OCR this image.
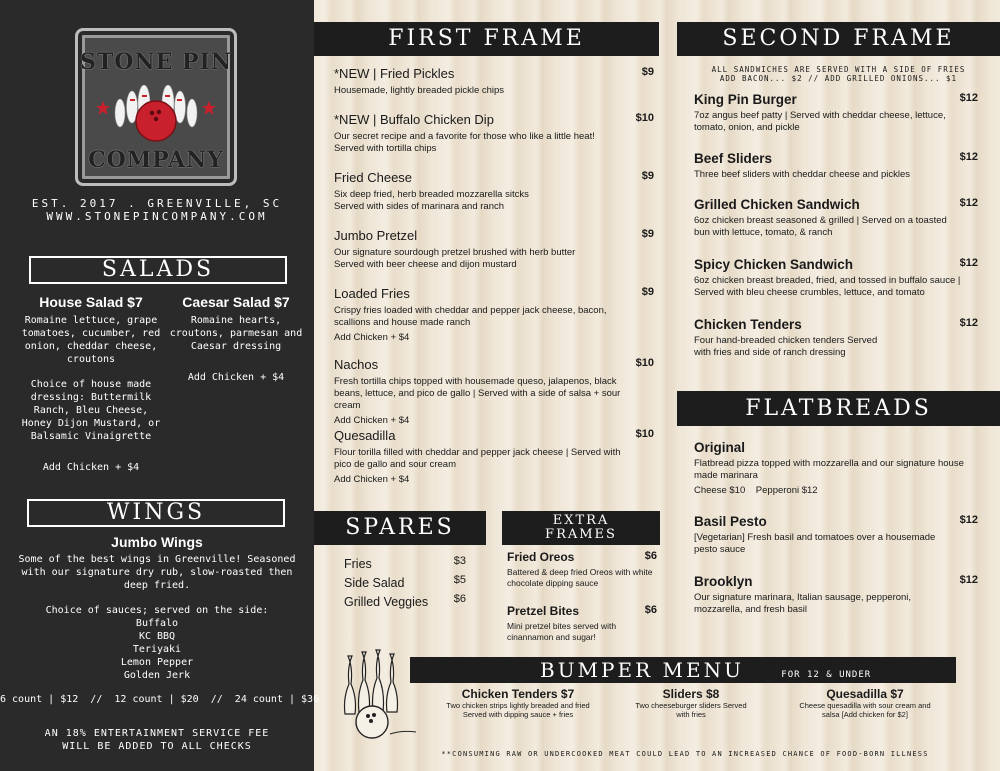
STONE PIN
COMPANY
EST. 2017 . GREENVILLE, SC
WWW.STONEPINCOMPANY.COM
SALADS
House Salad $7
Romaine lettuce, grape tomatoes, cucumber, red onion, cheddar cheese, croutons
Choice of house made dressing: Buttermilk Ranch, Bleu Cheese, Honey Dijon Mustard, or Balsamic Vinaigrette
Add Chicken + $4
Caesar Salad $7
Romaine hearts, croutons, parmesan and Caesar dressing
Add Chicken + $4
WINGS
Jumbo Wings
Some of the best wings in Greenville! Seasoned with our signature dry rub, slow-roasted then deep fried.
Choice of sauces; served on the side:
Buffalo
KC BBQ
Teriyaki
Lemon Pepper
Golden Jerk
6 count | $12  //  12 count | $20  //  24 count | $36
AN 18% ENTERTAINMENT SERVICE FEE WILL BE ADDED TO ALL CHECKS
FIRST FRAME
*NEW | Fried Pickles	$9
Housemade, lightly breaded pickle chips
*NEW | Buffalo Chicken Dip	$10
Our secret recipe and a favorite for those who like a little heat! Served with tortilla chips
Fried Cheese	$9
Six deep fried, herb breaded mozzarella sitcks Served with sides of marinara and ranch
Jumbo Pretzel	$9
Our signature sourdough pretzel brushed with herb butter Served with beer cheese and dijon mustard
Loaded Fries	$9
Crispy fries loaded with cheddar and pepper jack cheese, bacon, scallions and house made ranch
Add Chicken + $4
Nachos	$10
Fresh tortilla chips topped with housemade queso, jalapenos, black beans, lettuce, and pico de gallo | Served with a side of salsa + sour cream
Add Chicken + $4
Quesadilla	$10
Flour torilla filled with cheddar and pepper jack cheese | Served with pico de gallo and sour cream
Add Chicken + $4
SECOND FRAME
ALL SANDWICHES ARE SERVED WITH A SIDE OF FRIES
ADD BACON... $2 // ADD GRILLED ONIONS... $1
King Pin Burger	$12
7oz angus beef patty | Served with cheddar cheese, lettuce, tomato, onion, and pickle
Beef Sliders	$12
Three beef sliders with cheddar cheese and pickles
Grilled Chicken Sandwich	$12
6oz chicken breast seasoned & grilled | Served on a toasted bun with lettuce, tomato, & ranch
Spicy Chicken Sandwich	$12
6oz chicken breast breaded, fried, and tossed in buffalo sauce | Served with bleu cheese crumbles, lettuce, and tomato
Chicken Tenders	$12
Four hand-breaded chicken tenders Served with fries and side of ranch dressing
FLATBREADS
Original
Flatbread pizza topped with mozzarella and our signature house made marinara
Cheese $10    Pepperoni $12
Basil Pesto	$12
[Vegetarian] Fresh basil and tomatoes over a housemade pesto sauce
Brooklyn	$12
Our signature marinara, Italian sausage, pepperoni, mozzarella, and fresh basil
SPARES
Fries	$3
Side Salad	$5
Grilled Veggies $6
EXTRA
FRAMES
Fried Oreos	$6
Battered & deep fried Oreos with white chocolate dipping sauce
Pretzel Bites	$6
Mini pretzel bites served with cinannamon and sugar!
BUMPER MENU	FOR 12 & UNDER
Chicken Tenders $7
Two chicken strips lightly breaded and fried Served with dipping sauce + fries
Sliders $8
Two cheeseburger sliders Served with fries
Quesadilla $7
Cheese quesadilla with sour cream and salsa [Add chicken for $2]
**CONSUMING RAW OR UNDERCOOKED MEAT COULD LEAD TO AN INCREASED CHANCE OF FOOD-BORN ILLNESS
